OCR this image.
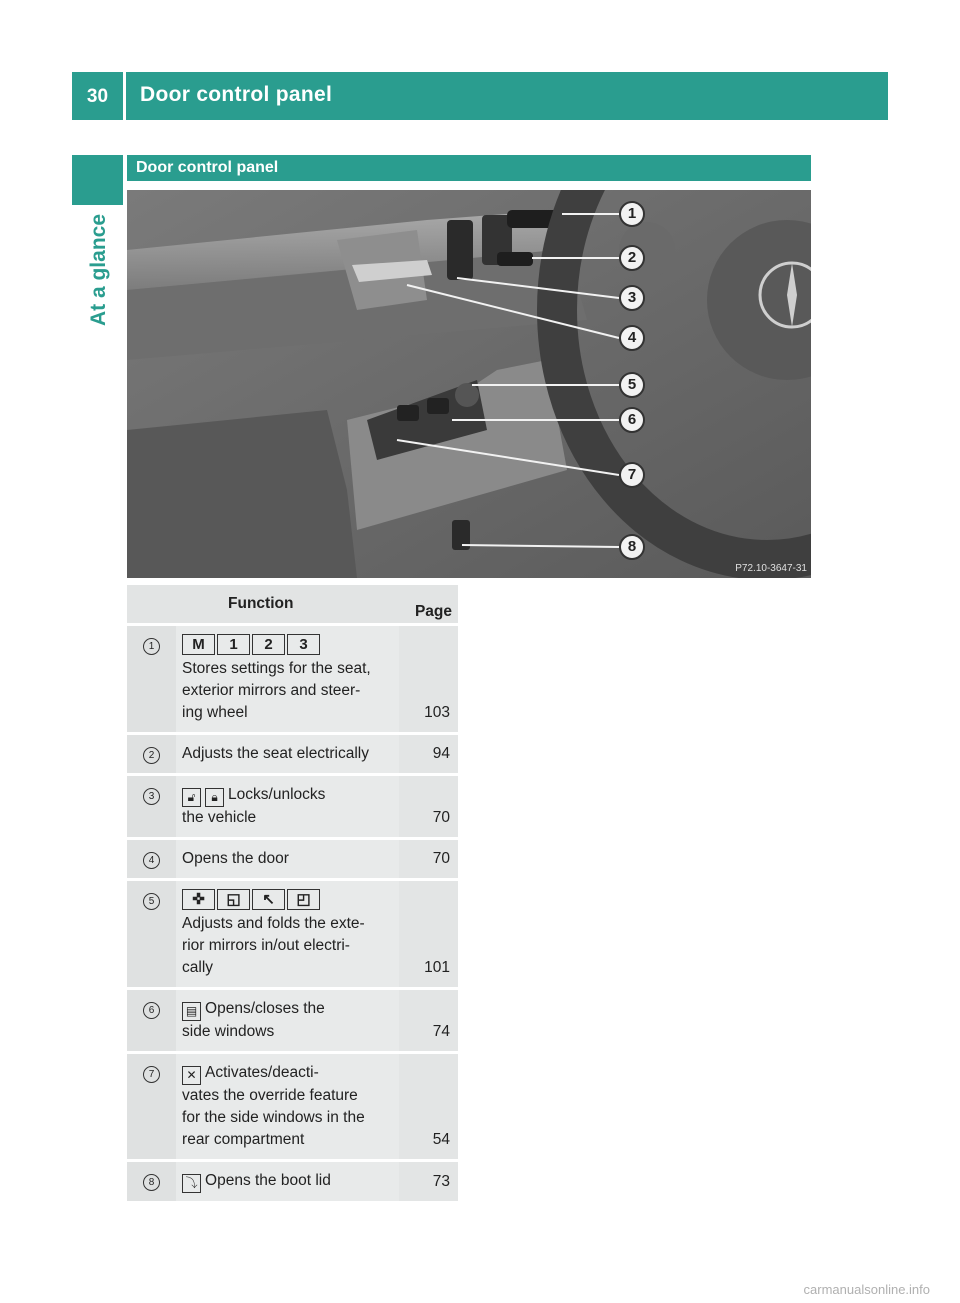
30	Door control panel
At a glance
Door control panel
1
2
3
4
5
6
7
8
P72.10-3647-31
	Function	Page
1	M 1 2 3
Stores settings for the seat,
exterior mirrors and steer-
ing wheel	103
2	Adjusts the seat electrically	94
3	🔓︎ 🔒︎ Locks/unlocks
the vehicle	70
4	Opens the door	70
5	✜ ◱ ↖ ◰
Adjusts and folds the exte-
rior mirrors in/out electri-
cally	101
6	▤ Opens/closes the
side windows	74
7	✕ Activates/deacti-
vates the override feature
for the side windows in the
rear compartment	54
8	⤵ Opens the boot lid	73
carmanualsonline.info
